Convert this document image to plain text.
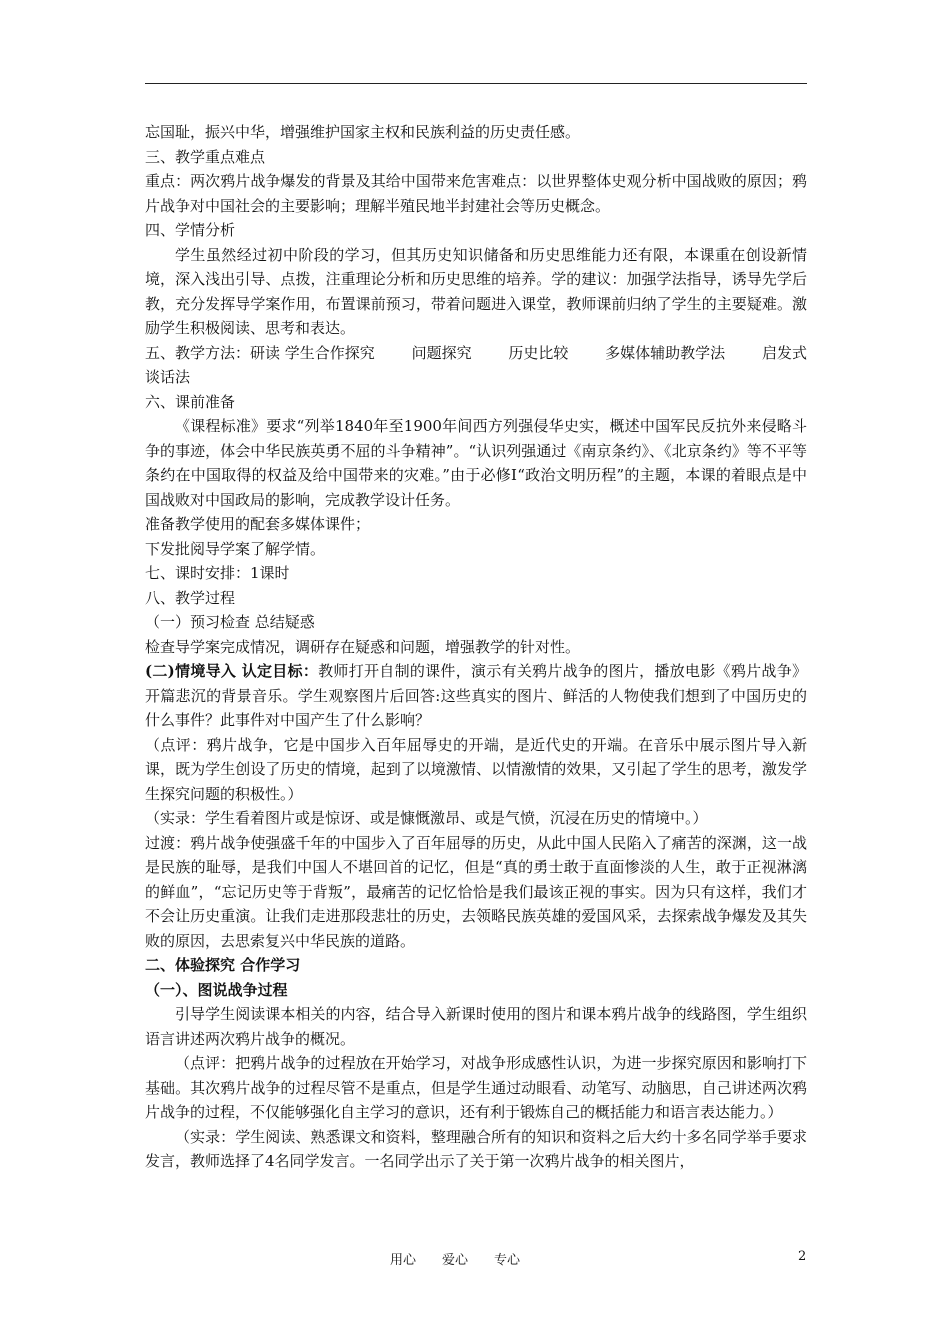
忘国耻，振兴中华，增强维护国家主权和民族利益的历史责任感。

三、教学重点难点

重点：两次鸦片战争爆发的背景及其给中国带来危害难点：以世界整体史观分析中国战败的原因；鸦片战争对中国社会的主要影响；理解半殖民地半封建社会等历史概念。

四、学情分析

学生虽然经过初中阶段的学习，但其历史知识储备和历史思维能力还有限，本课重在创设新情境，深入浅出引导、点拨，注重理论分析和历史思维的培养。学的建议：加强学法指导，诱导先学后教，充分发挥导学案作用，布置课前预习，带着问题进入课堂，教师课前归纳了学生的主要疑难。激励学生积极阅读、思考和表达。

五、教学方法：研读 学生合作探究 问题探究 历史比较 多媒体辅助教学法 启发式

谈话法

六、课前准备

《课程标准》要求“列举1840年至1900年间西方列强侵华史实，概述中国军民反抗外来侵略斗争的事迹，体会中华民族英勇不屈的斗争精神”。“认识列强通过《南京条约》、《北京条约》等不平等条约在中国取得的权益及给中国带来的灾难。”由于必修Ⅰ“政治文明历程”的主题，本课的着眼点是中国战败对中国政局的影响，完成教学设计任务。

准备教学使用的配套多媒体课件；

下发批阅导学案了解学情。

七、课时安排：1课时

八、教学过程

（一）预习检查 总结疑惑

检查导学案完成情况，调研存在疑惑和问题，增强教学的针对性。

(二)情境导入 认定目标：教师打开自制的课件，演示有关鸦片战争的图片，播放电影《鸦片战争》开篇悲沉的背景音乐。学生观察图片后回答:这些真实的图片、鲜活的人物使我们想到了中国历史的什么事件？此事件对中国产生了什么影响？

（点评：鸦片战争，它是中国步入百年屈辱史的开端，是近代史的开端。在音乐中展示图片导入新课，既为学生创设了历史的情境，起到了以境激情、以情激情的效果，又引起了学生的思考，激发学生探究问题的积极性。）

（实录：学生看着图片或是惊讶、或是慷慨激昂、或是气愤，沉浸在历史的情境中。）

过渡：鸦片战争使强盛千年的中国步入了百年屈辱的历史，从此中国人民陷入了痛苦的深渊，这一战是民族的耻辱，是我们中国人不堪回首的记忆，但是“真的勇士敢于直面惨淡的人生，敢于正视淋漓的鲜血”，“忘记历史等于背叛”，最痛苦的记忆恰恰是我们最该正视的事实。因为只有这样，我们才不会让历史重演。让我们走进那段悲壮的历史，去领略民族英雄的爱国风采，去探索战争爆发及其失败的原因，去思索复兴中华民族的道路。

二、体验探究 合作学习

（一）、图说战争过程

引导学生阅读课本相关的内容，结合导入新课时使用的图片和课本鸦片战争的线路图，学生组织语言讲述两次鸦片战争的概况。

（点评：把鸦片战争的过程放在开始学习，对战争形成感性认识，为进一步探究原因和影响打下基础。其次鸦片战争的过程尽管不是重点，但是学生通过动眼看、动笔写、动脑思，自己讲述两次鸦片战争的过程，不仅能够强化自主学习的意识，还有利于锻炼自己的概括能力和语言表达能力。）

（实录：学生阅读、熟悉课文和资料，整理融合所有的知识和资料之后大约十多名同学举手要求发言，教师选择了4名同学发言。一名同学出示了关于第一次鸦片战争的相关图片，

用心 爱心 专心	2
